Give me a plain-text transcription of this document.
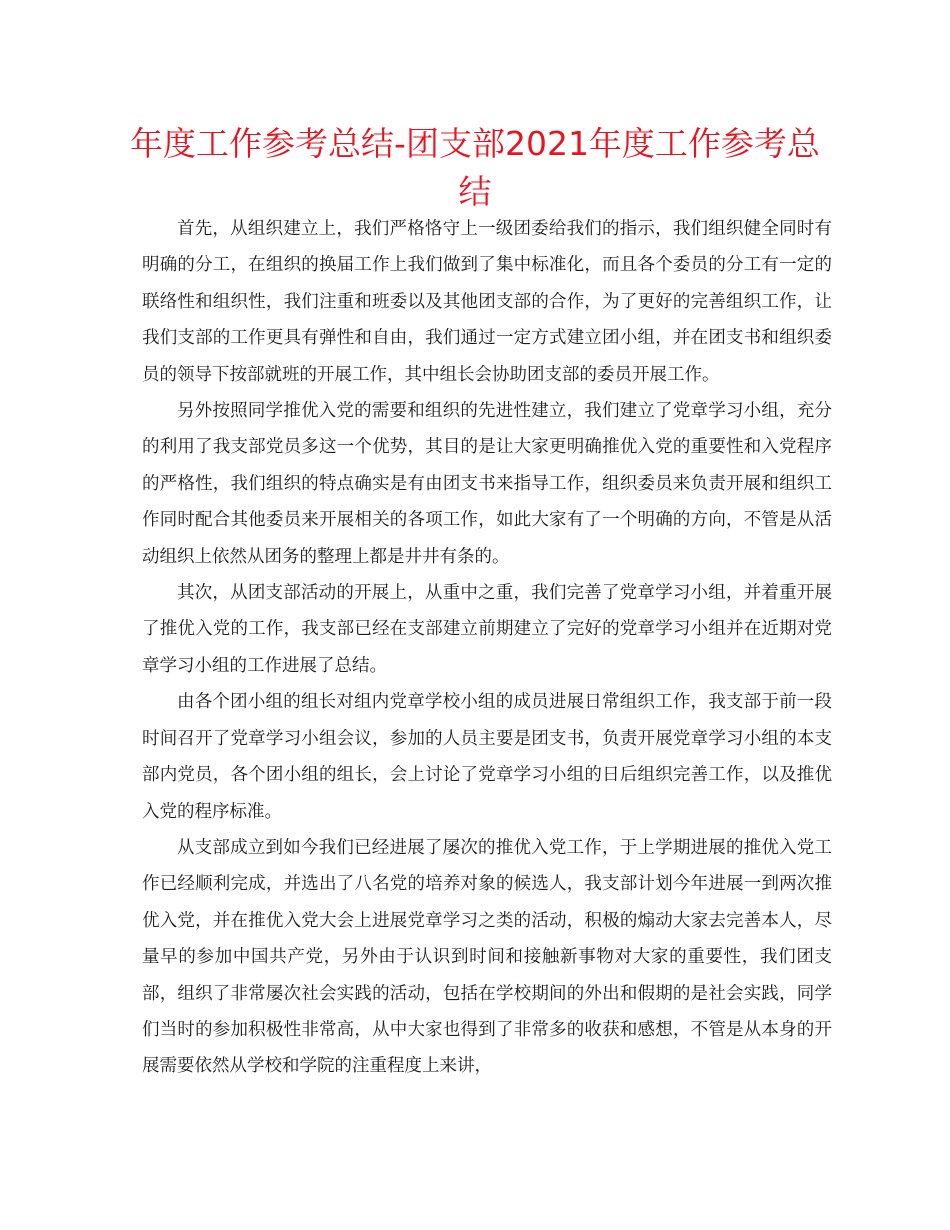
年度工作参考总结-团支部2021年度工作参考总结

首先，从组织建立上，我们严格恪守上一级团委给我们的指示，我们组织健全同时有明确的分工，在组织的换届工作上我们做到了集中标准化，而且各个委员的分工有一定的联络性和组织性，我们注重和班委以及其他团支部的合作，为了更好的完善组织工作，让我们支部的工作更具有弹性和自由，我们通过一定方式建立团小组，并在团支书和组织委员的领导下按部就班的开展工作，其中组长会协助团支部的委员开展工作。

另外按照同学推优入党的需要和组织的先进性建立，我们建立了党章学习小组，充分的利用了我支部党员多这一个优势，其目的是让大家更明确推优入党的重要性和入党程序的严格性，我们组织的特点确实是有由团支书来指导工作，组织委员来负责开展和组织工作同时配合其他委员来开展相关的各项工作，如此大家有了一个明确的方向，不管是从活动组织上依然从团务的整理上都是井井有条的。

其次，从团支部活动的开展上，从重中之重，我们完善了党章学习小组，并着重开展了推优入党的工作，我支部已经在支部建立前期建立了完好的党章学习小组并在近期对党章学习小组的工作进展了总结。

由各个团小组的组长对组内党章学校小组的成员进展日常组织工作，我支部于前一段时间召开了党章学习小组会议，参加的人员主要是团支书，负责开展党章学习小组的本支部内党员，各个团小组的组长，会上讨论了党章学习小组的日后组织完善工作，以及推优入党的程序标准。

从支部成立到如今我们已经进展了屡次的推优入党工作，于上学期进展的推优入党工作已经顺利完成，并选出了八名党的培养对象的候选人，我支部计划今年进展一到两次推优入党，并在推优入党大会上进展党章学习之类的活动，积极的煽动大家去完善本人，尽量早的参加中国共产党，另外由于认识到时间和接触新事物对大家的重要性，我们团支部，组织了非常屡次社会实践的活动，包括在学校期间的外出和假期的是社会实践，同学们当时的参加积极性非常高，从中大家也得到了非常多的收获和感想，不管是从本身的开展需要依然从学校和学院的注重程度上来讲，
